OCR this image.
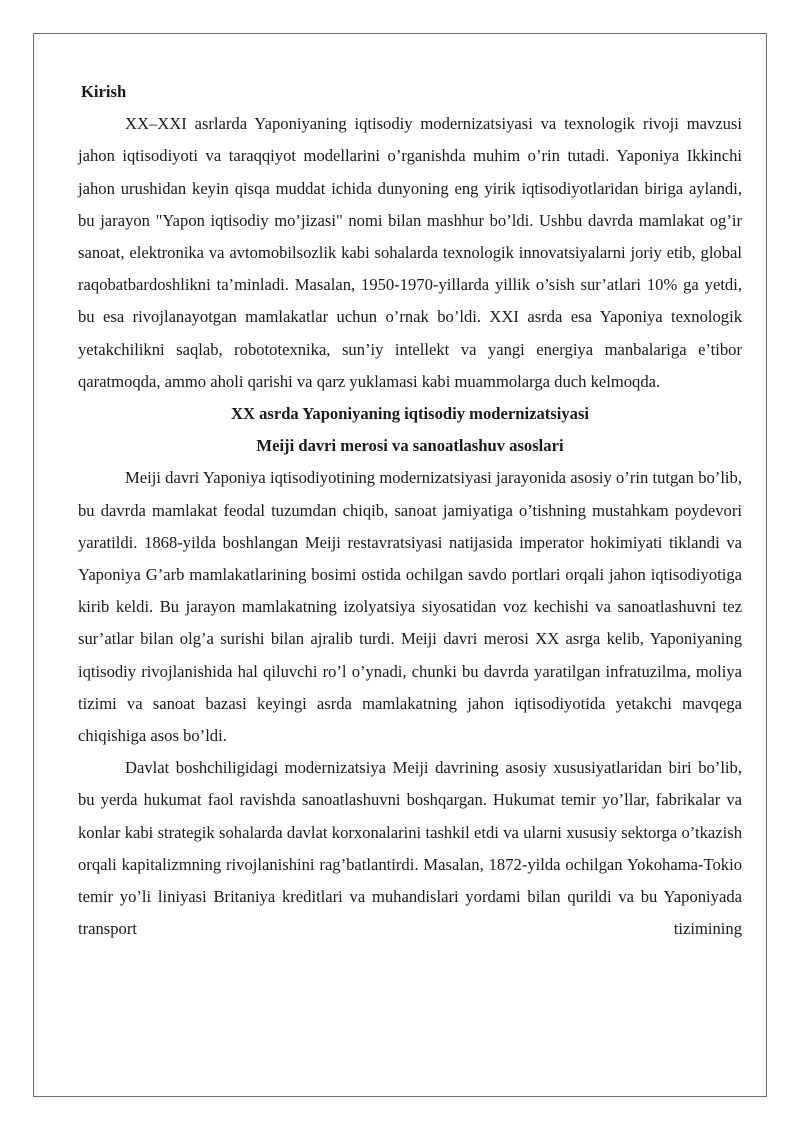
Kirish

XX–XXI asrlarda Yaponiyaning iqtisodiy modernizatsiyasi va texnologik rivoji mavzusi jahon iqtisodiyoti va taraqqiyot modellarini o’rganishda muhim o’rin tutadi. Yaponiya Ikkinchi jahon urushidan keyin qisqa muddat ichida dunyoning eng yirik iqtisodiyotlaridan biriga aylandi, bu jarayon "Yapon iqtisodiy mo’jizasi" nomi bilan mashhur bo’ldi. Ushbu davrda mamlakat og’ir sanoat, elektronika va avtomobilsozlik kabi sohalarda texnologik innovatsiyalarni joriy etib, global raqobatbardoshlikni ta’minladi. Masalan, 1950-1970-yillarda yillik o’sish sur’atlari 10% ga yetdi, bu esa rivojlanayotgan mamlakatlar uchun o’rnak bo’ldi. XXI asrda esa Yaponiya texnologik yetakchilikni saqlab, robototexnika, sun’iy intellekt va yangi energiya manbalariga e’tibor qaratmoqda, ammo aholi qarishi va qarz yuklamasi kabi muammolarga duch kelmoqda.

XX asrda Yaponiyaning iqtisodiy modernizatsiyasi
Meiji davri merosi va sanoatlashuv asoslari

Meiji davri Yaponiya iqtisodiyotining modernizatsiyasi jarayonida asosiy o’rin tutgan bo’lib, bu davrda mamlakat feodal tuzumdan chiqib, sanoat jamiyatiga o’tishning mustahkam poydevori yaratildi. 1868-yilda boshlangan Meiji restavratsiyasi natijasida imperator hokimiyati tiklandi va Yaponiya G’arb mamlakatlarining bosimi ostida ochilgan savdo portlari orqali jahon iqtisodiyotiga kirib keldi. Bu jarayon mamlakatning izolyatsiya siyosatidan voz kechishi va sanoatlashuvni tez sur’atlar bilan olg’a surishi bilan ajralib turdi. Meiji davri merosi XX asrga kelib, Yaponiyaning iqtisodiy rivojlanishida hal qiluvchi ro’l o’ynadi, chunki bu davrda yaratilgan infratuzilma, moliya tizimi va sanoat bazasi keyingi asrda mamlakatning jahon iqtisodiyotida yetakchi mavqega chiqishiga asos bo’ldi.

Davlat boshchiligidagi modernizatsiya Meiji davrining asosiy xususiyatlaridan biri bo’lib, bu yerda hukumat faol ravishda sanoatlashuvni boshqargan. Hukumat temir yo’llar, fabrikalar va konlar kabi strategik sohalarda davlat korxonalarini tashkil etdi va ularni xususiy sektorga o’tkazish orqali kapitalizmning rivojlanishini rag’batlantirdi. Masalan, 1872-yilda ochilgan Yokohama-Tokio temir yo’li liniyasi Britaniya kreditlari va muhandislari yordami bilan qurildi va bu Yaponiyada transport tizimining
